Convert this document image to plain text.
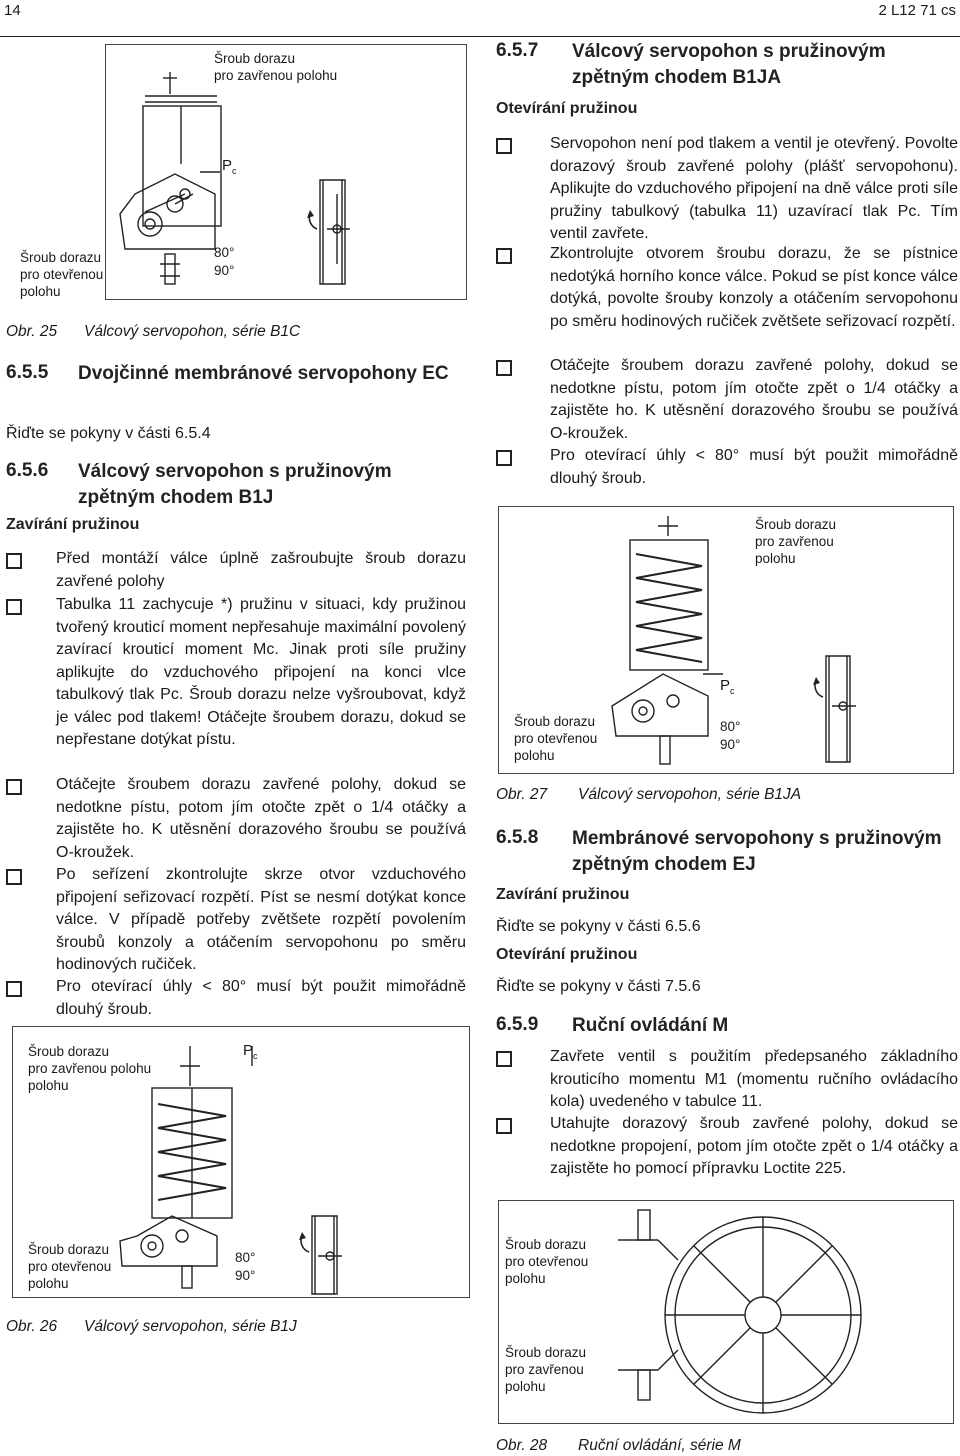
14	2 L12 71 cs
Šroub dorazu
pro zavřenou polohu
Šroub dorazu
pro otevřenou
polohu
$P_c$
80°
90°
Obr. 25 Válcový servopohon, série B1C
6.5.5 Dvojčinné membránové servopohony EC
Řiďte se pokyny v části 6.5.4
6.5.6 Válcový servopohon s pružinovým zpětným chodem B1J
Zavírání pružinou
Před montáží válce úplně zašroubujte šroub dorazu zavřené polohy
Tabulka 11 zachycuje *) pružinu v situaci, kdy pružinou tvořený krouticí moment nepřesahuje maximální povolený zavírací krouticí moment Mc. Jinak proti síle pružiny aplikujte do vzduchového připojení na konci vlce tabulkový tlak Pc. Šroub dorazu nelze vyšroubovat, když je válec pod tlakem! Otáčejte šroubem dorazu, dokud se nepřestane dotýkat pístu.
Otáčejte šroubem dorazu zavřené polohy, dokud se nedotkne pístu, potom jím otočte zpět o 1/4 otáčky a zajistěte ho. K utěsnění dorazového šroubu se používá O-kroužek.
Po seřízení zkontrolujte skrze otvor vzduchového připojení seřizovací rozpětí. Píst se nesmí dotýkat konce válce. V případě potřeby zvětšete rozpětí povolením šroubů konzoly a otáčením servopohonu po směru hodinových ručiček.
Pro otevírací úhly < 80° musí být použit mimořádně dlouhý šroub.
Šroub dorazu
pro zavřenou polohu
polohu
Šroub dorazu
pro otevřenou
polohu
$P_c$
80°
90°
Obr. 26 Válcový servopohon, série B1J
6.5.7 Válcový servopohon s pružinovým zpětným chodem B1JA
Otevírání pružinou
Servopohon není pod tlakem a ventil je otevřený. Povolte dorazový šroub zavřené polohy (plášť servopohonu). Aplikujte do vzduchového připojení na dně válce proti síle pružiny tabulkový (tabulka 11) uzavírací tlak Pc. Tím ventil zavřete.
Zkontrolujte otvorem šroubu dorazu, že se pístnice nedotýká horního konce válce. Pokud se píst konce válce dotýká, povolte šrouby konzoly a otáčením servopohonu po směru hodinových ručiček zvětšete seřizovací rozpětí.
Otáčejte šroubem dorazu zavřené polohy, dokud se nedotkne pístu, potom jím otočte zpět o 1/4 otáčky a zajistěte ho. K utěsnění dorazového šroubu se používá O-kroužek.
Pro otevírací úhly < 80° musí být použit mimořádně dlouhý šroub.
Šroub dorazu
pro zavřenou
polohu
Šroub dorazu
pro otevřenou
polohu
$P_c$
80°
90°
Obr. 27 Válcový servopohon, série B1JA
6.5.8 Membránové servopohony s pružinovým zpětným chodem EJ
Zavírání pružinou
Řiďte se pokyny v části 6.5.6
Otevírání pružinou
Řiďte se pokyny v části 7.5.6
6.5.9 Ruční ovládání M
Zavřete ventil s použitím předepsaného základního krouticího momentu M1 (momentu ručního ovládacího kola) uvedeného v tabulce 11.
Utahujte dorazový šroub zavřené polohy, dokud se nedotkne propojení, potom jím otočte zpět o 1/4 otáčky a zajistěte ho pomocí přípravku Loctite 225.
Šroub dorazu
pro otevřenou
polohu
Šroub dorazu
pro zavřenou
polohu
Obr. 28 Ruční ovládání, série M
